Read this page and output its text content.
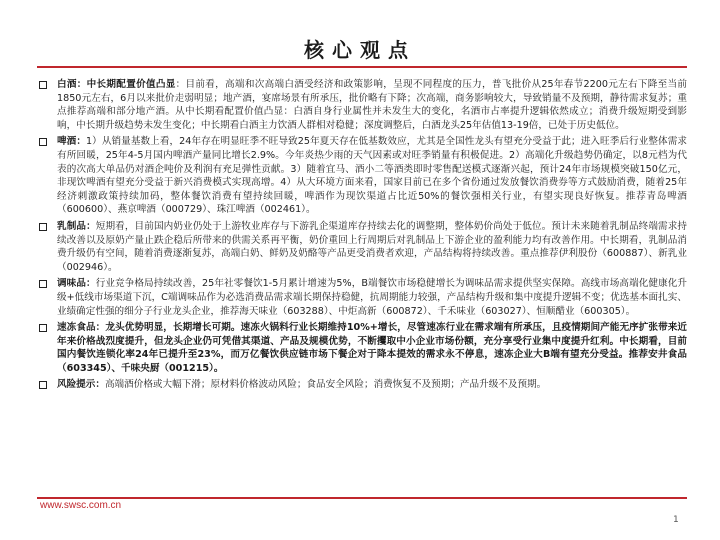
核心观点
白酒：中长期配置价值凸显：目前看，高端和次高端白酒受经济和政策影响，呈现不同程度的压力，普飞批价从25年春节2200元左右下降至当前1850元左右，6月以来批价走弱明显；地产酒，宴席场景有所承压，批价略有下降；次高端，商务影响较大，导致销量不及预期，静待需求复苏；重点推荐高端和部分地产酒。从中长期看配置价值凸显：白酒自身行业属性并未发生大的变化，名酒市占率提升逻辑依然成立；消费升级短期受到影响，中长期升级趋势未发生变化；中长期看白酒主力饮酒人群相对稳健；深度调整后，白酒龙头25年估值13-19倍，已处于历史低位。
啤酒：1）从销量基数上看，24年存在明显旺季不旺导致25年夏天存在低基数效应，尤其是全国性龙头有望充分受益于此；进入旺季后行业整体需求有所回暖，25年4-5月国内啤酒产量同比增长2.9%。今年炎热少雨的天气因素或对旺季销量有积极促进。2）高端化升级趋势仍确定，以8元档为代表的次高大单品仍对酒企吨价及利润有充足弹性贡献。3）随着宜马、酒小二等酒类即时零售配送模式逐渐兴起，预计24年市场规模突破150亿元，非现饮啤酒有望充分受益于新兴消费模式实现高增。4）从大环境方面来看，国家目前已在多个省份通过发放餐饮消费券等方式鼓励消费，随着25年经济刺激政策持续加码，整体餐饮消费有望持续回暖，啤酒作为现饮渠道占比近50%的餐饮强相关行业，有望实现良好恢复。推荐青岛啤酒（600600）、燕京啤酒（000729）、珠江啤酒（002461）。
乳制品：短期看，目前国内奶业仍处于上游牧业库存与下游乳企渠道库存持续去化的调整期，整体奶价尚处于低位。预计未来随着乳制品终端需求持续改善以及原奶产量止跌企稳后所带来的供需关系再平衡，奶价重回上行周期后对乳制品上下游企业的盈利能力均有改善作用。中长期看，乳制品消费升级仍有空间，随着消费逐渐复苏，高端白奶、鲜奶及奶酪等产品更受消费者欢迎，产品结构将持续改善。重点推荐伊利股份（600887）、新乳业（002946）。
调味品：行业竞争格局持续改善，25年社零餐饮1-5月累计增速为5%，B端餐饮市场稳健增长为调味品需求提供坚实保障。高线市场高端化健康化升级+低线市场渠道下沉，C端调味品作为必选消费品需求端长期保持稳健，抗周期能力较强，产品结构升级和集中度提升逻辑不变；优选基本面扎实、业绩确定性强的细分子行业龙头企业，推荐海天味业（603288）、中炬高新（600872）、千禾味业（603027）、恒顺醋业（600305）。
速冻食品：龙头优势明显，长期增长可期。速冻火锅料行业长期维持10%+增长，尽管速冻行业在需求端有所承压，且疫情期间产能无序扩张带来近年来价格战烈度提升，但龙头企业仍可凭借其渠道、产品及规模优势，不断攫取中小企业市场份额，充分享受行业集中度提升红利。中长期看，目前国内餐饮连锁化率24年已提升至23%，而万亿餐饮供应链市场下餐企对于降本提效的需求永不停息，速冻企业大B端有望充分受益。推荐安井食品（603345）、千味央厨（001215）。
风险提示：高端酒价格或大幅下滑；原材料价格波动风险；食品安全风险；消费恢复不及预期；产品升级不及预期。
www.swsc.com.cn
1
